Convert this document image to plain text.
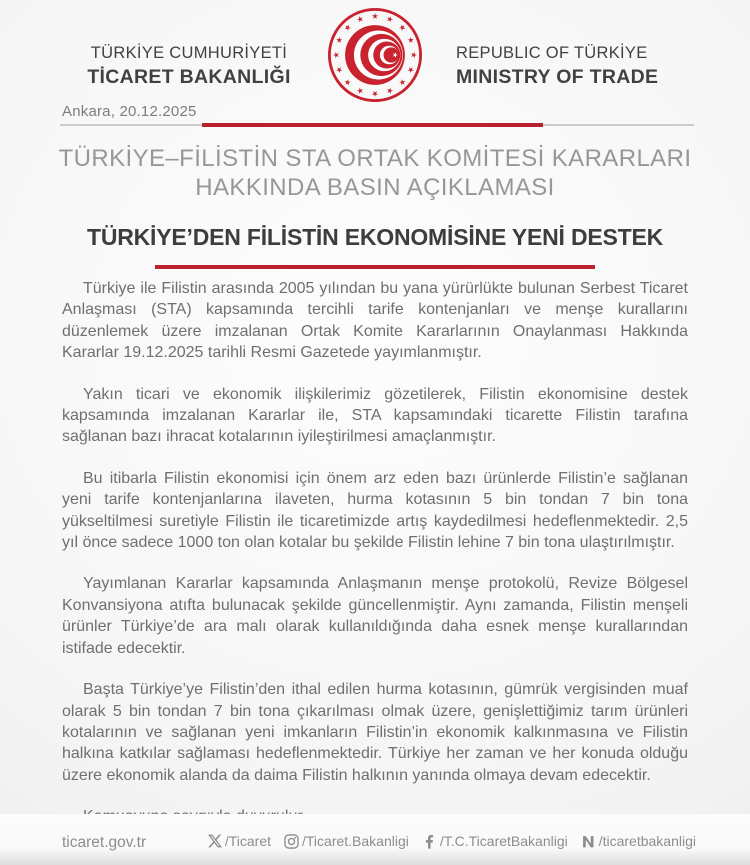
TÜRKİYE CUMHURİYETİ
TİCARET BAKANLIĞI
REPUBLIC OF TÜRKİYE
MINISTRY OF TRADE
Ankara, 20.12.2025
TÜRKİYE–FİLİSTİN STA ORTAK KOMİTESİ KARARLARI
HAKKINDA BASIN AÇIKLAMASI
TÜRKİYE’DEN FİLİSTİN EKONOMİSİNE YENİ DESTEK

Türkiye ile Filistin arasında 2005 yılından bu yana yürürlükte bulunan Serbest Ticaret Anlaşması (STA) kapsamında tercihli tarife kontenjanları ve menşe kurallarını düzenlemek üzere imzalanan Ortak Komite Kararlarının Onaylanması Hakkında Kararlar 19.12.2025 tarihli Resmi Gazetede yayımlanmıştır.

Yakın ticari ve ekonomik ilişkilerimiz gözetilerek, Filistin ekonomisine destek kapsamında imzalanan Kararlar ile, STA kapsamındaki ticarette Filistin tarafına sağlanan bazı ihracat kotalarının iyileştirilmesi amaçlanmıştır.

Bu itibarla Filistin ekonomisi için önem arz eden bazı ürünlerde Filistin’e sağlanan yeni tarife kontenjanlarına ilaveten, hurma kotasının 5 bin tondan 7 bin tona yükseltilmesi suretiyle Filistin ile ticaretimizde artış kaydedilmesi hedeflenmektedir. 2,5 yıl önce sadece 1000 ton olan kotalar bu şekilde Filistin lehine 7 bin tona ulaştırılmıştır.

Yayımlanan Kararlar kapsamında Anlaşmanın menşe protokolü, Revize Bölgesel Konvansiyona atıfta bulunacak şekilde güncellenmiştir. Aynı zamanda, Filistin menşeli ürünler Türkiye’de ara malı olarak kullanıldığında daha esnek menşe kurallarından istifade edecektir.

Başta Türkiye’ye Filistin’den ithal edilen hurma kotasının, gümrük vergisinden muaf olarak 5 bin tondan 7 bin tona çıkarılması olmak üzere, genişlettiğimiz tarım ürünleri kotalarının ve sağlanan yeni imkanların Filistin’in ekonomik kalkınmasına ve Filistin halkına katkılar sağlaması hedeflenmektedir. Türkiye her zaman ve her konuda olduğu üzere ekonomik alanda da daima Filistin halkının yanında olmaya devam edecektir.

ticaret.gov.tr	/Ticaret /Ticaret.Bakanligi /T.C.TicaretBakanligi /ticaretbakanligi
